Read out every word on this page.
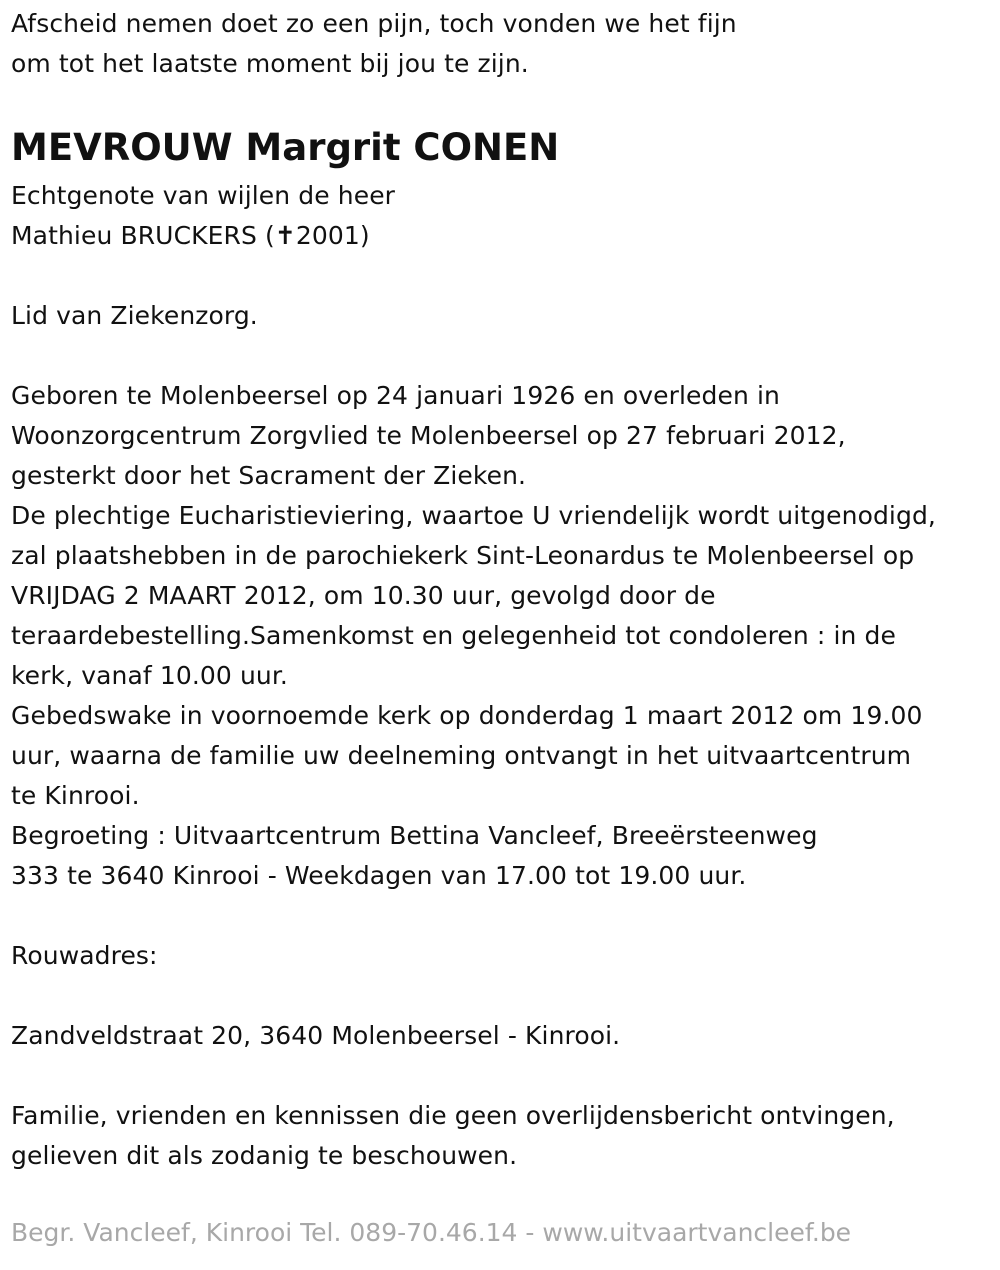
Afscheid nemen doet zo een pijn, toch vonden we het fijn
om tot het laatste moment bij jou te zijn.
MEVROUW Margrit CONEN
Echtgenote van wijlen de heer
Mathieu BRUCKERS (✝2001)
Lid van Ziekenzorg.
Geboren te Molenbeersel op 24 januari 1926 en overleden in
Woonzorgcentrum Zorgvlied te Molenbeersel op 27 februari 2012,
gesterkt door het Sacrament der Zieken.
De plechtige Eucharistieviering, waartoe U vriendelijk wordt uitgenodigd,
zal plaatshebben in de parochiekerk Sint-Leonardus te Molenbeersel op
VRIJDAG 2 MAART 2012, om 10.30 uur, gevolgd door de
teraardebestelling.Samenkomst en gelegenheid tot condoleren : in de
kerk, vanaf 10.00 uur.
Gebedswake in voornoemde kerk op donderdag 1 maart 2012 om 19.00
uur, waarna de familie uw deelneming ontvangt in het uitvaartcentrum
te Kinrooi.
Begroeting : Uitvaartcentrum Bettina Vancleef, Breeërsteenweg
333 te 3640 Kinrooi - Weekdagen van 17.00 tot 19.00 uur.
Rouwadres:
Zandveldstraat 20, 3640 Molenbeersel - Kinrooi.
Familie, vrienden en kennissen die geen overlijdensbericht ontvingen,
gelieven dit als zodanig te beschouwen.
Begr. Vancleef, Kinrooi Tel. 089-70.46.14 - www.uitvaartvancleef.be
